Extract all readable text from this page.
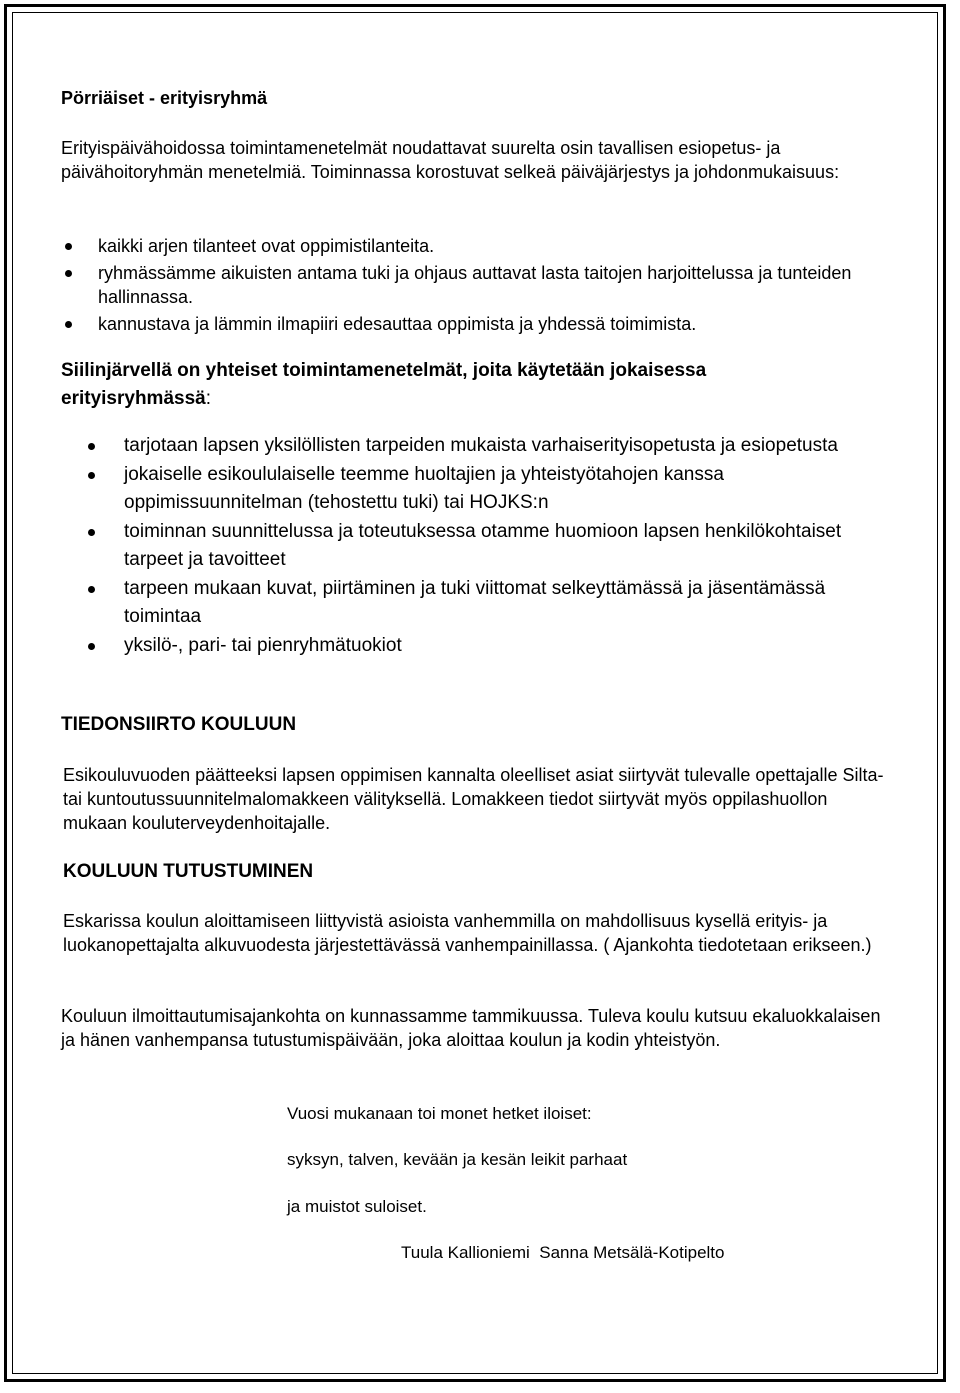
Pörriäiset - erityisryhmä

Erityispäivähoidossa toimintamenetelmät noudattavat suurelta osin tavallisen esiopetus- ja päivähoitoryhmän menetelmiä. Toiminnassa korostuvat selkeä päiväjärjestys ja johdonmukaisuus:

kaikki arjen tilanteet ovat oppimistilanteita.
ryhmässämme aikuisten antama tuki ja ohjaus auttavat lasta taitojen harjoittelussa ja tunteiden hallinnassa.
kannustava ja lämmin ilmapiiri edesauttaa oppimista ja yhdessä toimimista.

Siilinjärvellä on yhteiset toimintamenetelmät, joita käytetään jokaisessa erityisryhmässä:

tarjotaan lapsen yksilöllisten tarpeiden mukaista varhaiserityisopetusta ja esiopetusta
jokaiselle esikoululaiselle teemme huoltajien ja yhteistyötahojen kanssa oppimissuunnitelman (tehostettu tuki) tai HOJKS:n
toiminnan suunnittelussa ja toteutuksessa otamme huomioon lapsen henkilökohtaiset tarpeet ja tavoitteet
tarpeen mukaan kuvat, piirtäminen ja tuki viittomat selkeyttämässä ja jäsentämässä toimintaa
yksilö-, pari- tai pienryhmätuokiot
TIEDONSIIRTO KOULUUN

Esikouluvuoden päätteeksi lapsen oppimisen kannalta oleelliset asiat siirtyvät tulevalle opettajalle Silta- tai kuntoutussuunnitelmalomakkeen välityksellä. Lomakkeen tiedot siirtyvät myös oppilashuollon mukaan kouluterveydenhoitajalle.

KOULUUN TUTUSTUMINEN

Eskarissa koulun aloittamiseen liittyvistä asioista vanhemmilla on mahdollisuus kysellä erityis- ja luokanopettajalta alkuvuodesta järjestettävässä vanhempainillassa. ( Ajankohta tiedotetaan erikseen.)

Kouluun ilmoittautumisajankohta on kunnassamme tammikuussa. Tuleva koulu kutsuu ekaluokkalaisen ja hänen vanhempansa tutustumispäivään, joka aloittaa koulun ja kodin yhteistyön.

Vuosi mukanaan toi monet hetket iloiset:

syksyn, talven, kevään ja kesän leikit parhaat

ja muistot suloiset.

Tuula Kallioniemi  Sanna Metsälä-Kotipelto
